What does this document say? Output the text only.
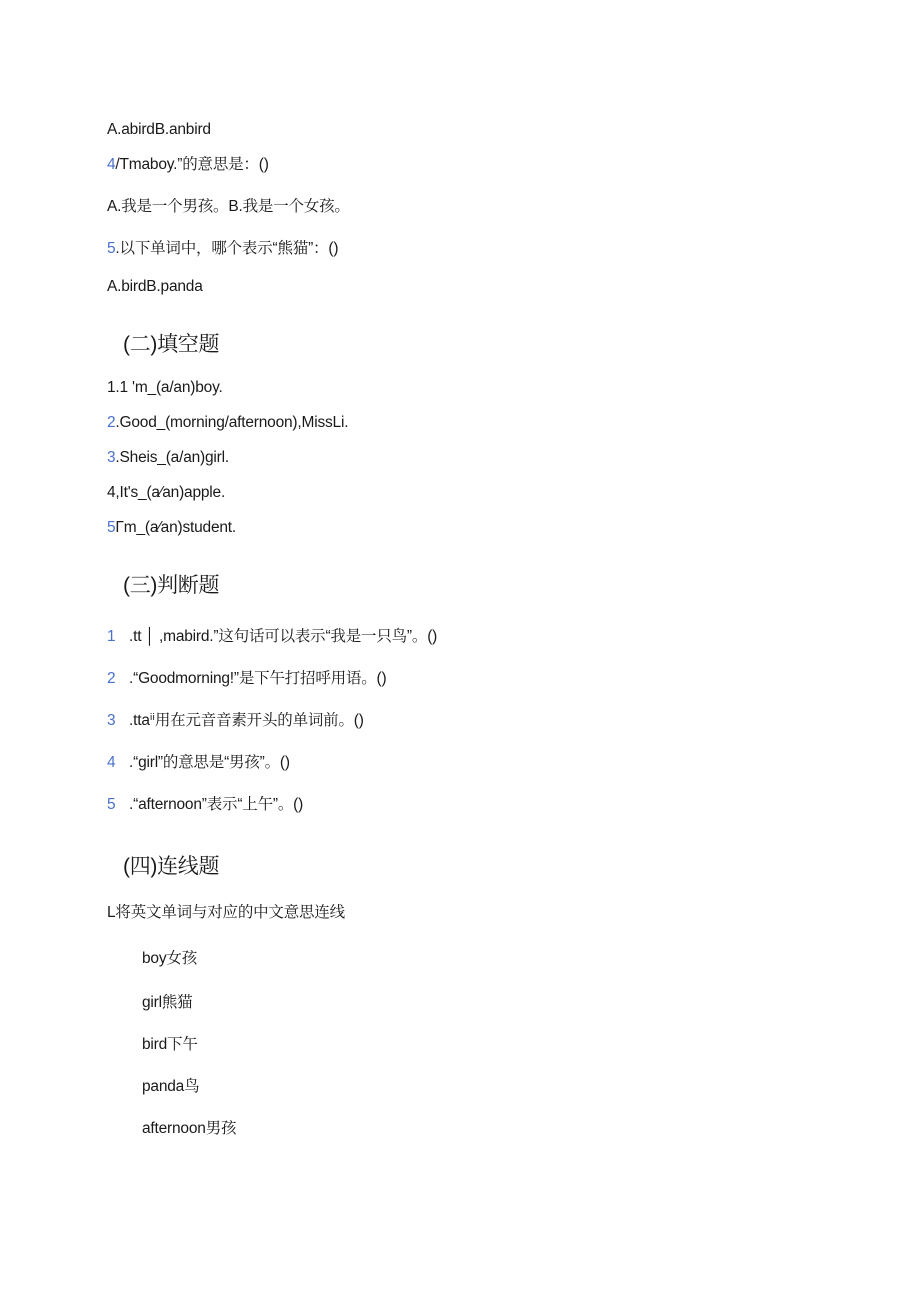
A.abirdB.anbird
4/Tmaboy.”的意思是：()
A.我是一个男孩。B.我是一个女孩。
5.以下单词中，哪个表示“熊猫”：()
A.birdB.panda
(二)填空题
1.1 'm_(a/an)boy.
2.Good_(morning/afternoon),MissLi.
3.Sheis_(a/an)girl.
4,It's_(a⁄an)apple.
5Γm_(a⁄an)student.
(三)判断题
1 .tt │ ,mabird.”这句话可以表示“我是一只鸟”。()
2 .“Goodmorning!”是下午打招呼用语。()
3 .ttaⁱⁱ用在元音音素开头的单词前。()
4 .“girl”的意思是“男孩”。()
5 .“afternoon”表示“上午”。()
(四)连线题
L将英文单词与对应的中文意思连线
boy女孩
girl熊猫
bird下午
panda鸟
afternoon男孩
